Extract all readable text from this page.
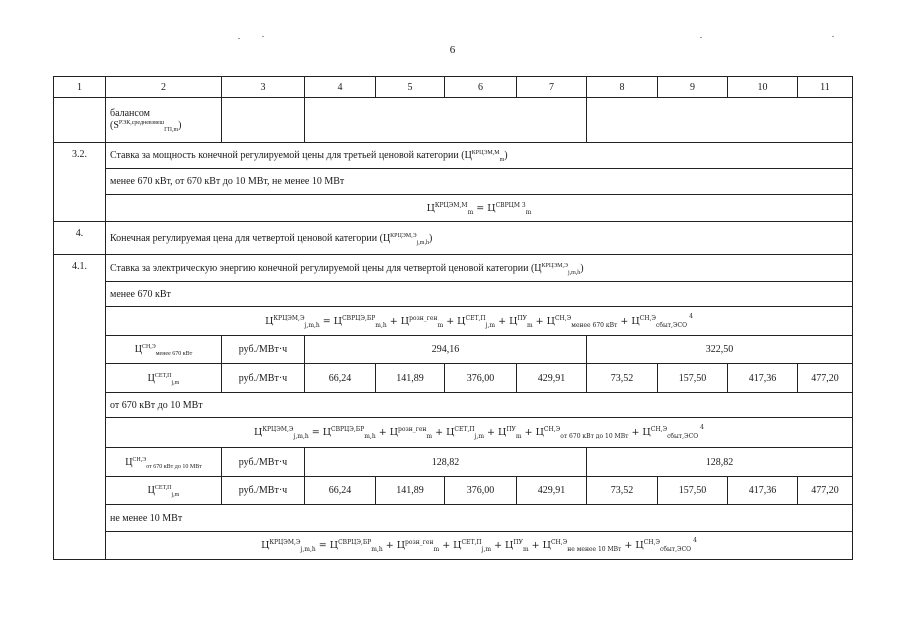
6
1	2	3	4	5	6	7	8	9	10	11
	балансом
$(S^{РЭК,средневзвеш}_{ГП,m})$									
3.2.	Ставка за мощность конечной регулируемой цены для третьей ценовой категории $(Ц^{КРЦЭМ,М}_m)$									
	менее 670 кВт, от 670 кВт до 10 МВт, не менее 10 МВт									
	$Ц^{КРЦЭМ,М}_m = Ц^{СВРЦМ 3}_m$
4.	Конечная регулируемая цена для четвертой ценовой категории $(Ц^{КРЦЭМ,Э}_{j,m,h})$									
4.1.	Ставка за электрическую энергию конечной регулируемой цены для четвертой ценовой категории $(Ц^{КРЦЭМ,Э}_{j,m,h})$									
	менее 670 кВт									
	$Ц^{КРЦЭМ,Э}_{j,m,h} = Ц^{СВРЦЭ,БР}_{m,h} + Ц^{розн\_ген}_m + Ц^{СЕТ,П}_{j,m} + Ц^{ПУ}_m + Ц^{СН,Э}_{менее 670 кВт} + Ц^{СН,Э}_{сбыт,ЭСО}^4$
	$Ц^{СН,Э}_{менее 670 кВт}$	руб./МВт·ч	294,16				322,50			
	$Ц^{СЕТ,П}_{j,m}$	руб./МВт·ч	66,24	141,89	376,00	429,91	73,52	157,50	417,36	477,20
	от 670 кВт до 10 МВт									
	$Ц^{КРЦЭМ,Э}_{j,m,h} = Ц^{СВРЦЭ,БР}_{m,h} + Ц^{розн\_ген}_m + Ц^{СЕТ,П}_{j,m} + Ц^{ПУ}_m + Ц^{СН,Э}_{от 670 кВт до 10 МВт} + Ц^{СН,Э}_{сбыт,ЭСО}^4$
	$Ц^{СН,Э}_{от 670 кВт до 10 МВт}$	руб./МВт·ч	128,82				128,82			
	$Ц^{СЕТ,П}_{j,m}$	руб./МВт·ч	66,24	141,89	376,00	429,91	73,52	157,50	417,36	477,20
	не менее 10 МВт									
	$Ц^{КРЦЭМ,Э}_{j,m,h} = Ц^{СВРЦЭ,БР}_{m,h} + Ц^{розн\_ген}_m + Ц^{СЕТ,П}_{j,m} + Ц^{ПУ}_m + Ц^{СН,Э}_{не менее 10 МВт} + Ц^{СН,Э}_{сбыт,ЭСО}^4$
